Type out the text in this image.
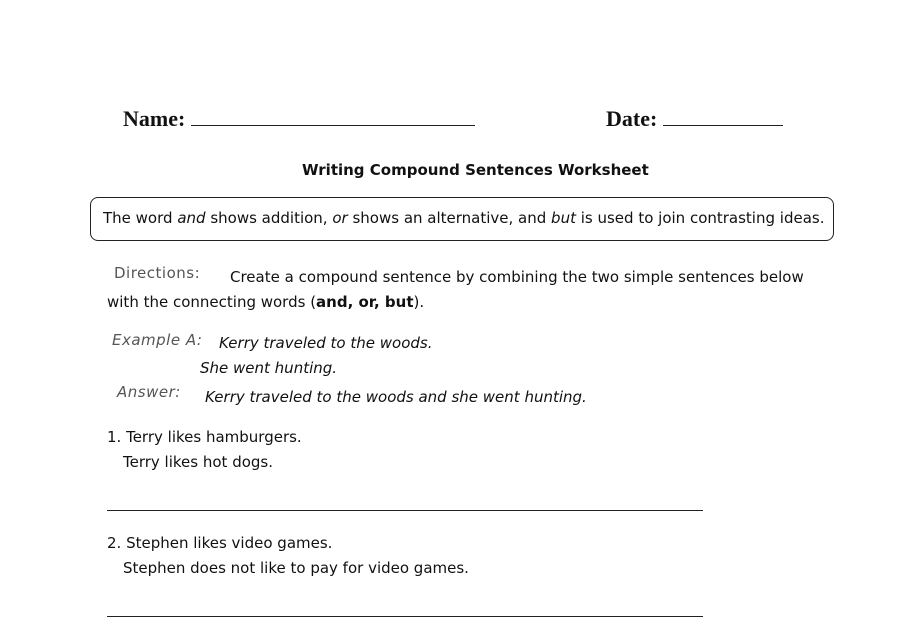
Name:	Date:
Writing Compound Sentences Worksheet
The word and shows addition, or shows an alternative, and but is used to join contrasting ideas.
Directions: Create a compound sentence by combining the two simple sentences below
with the connecting words (and, or, but).
Example A: Kerry traveled to the woods.
She went hunting.
Answer: Kerry traveled to the woods and she went hunting.
1. Terry likes hamburgers.
Terry likes hot dogs.
2. Stephen likes video games.
Stephen does not like to pay for video games.
